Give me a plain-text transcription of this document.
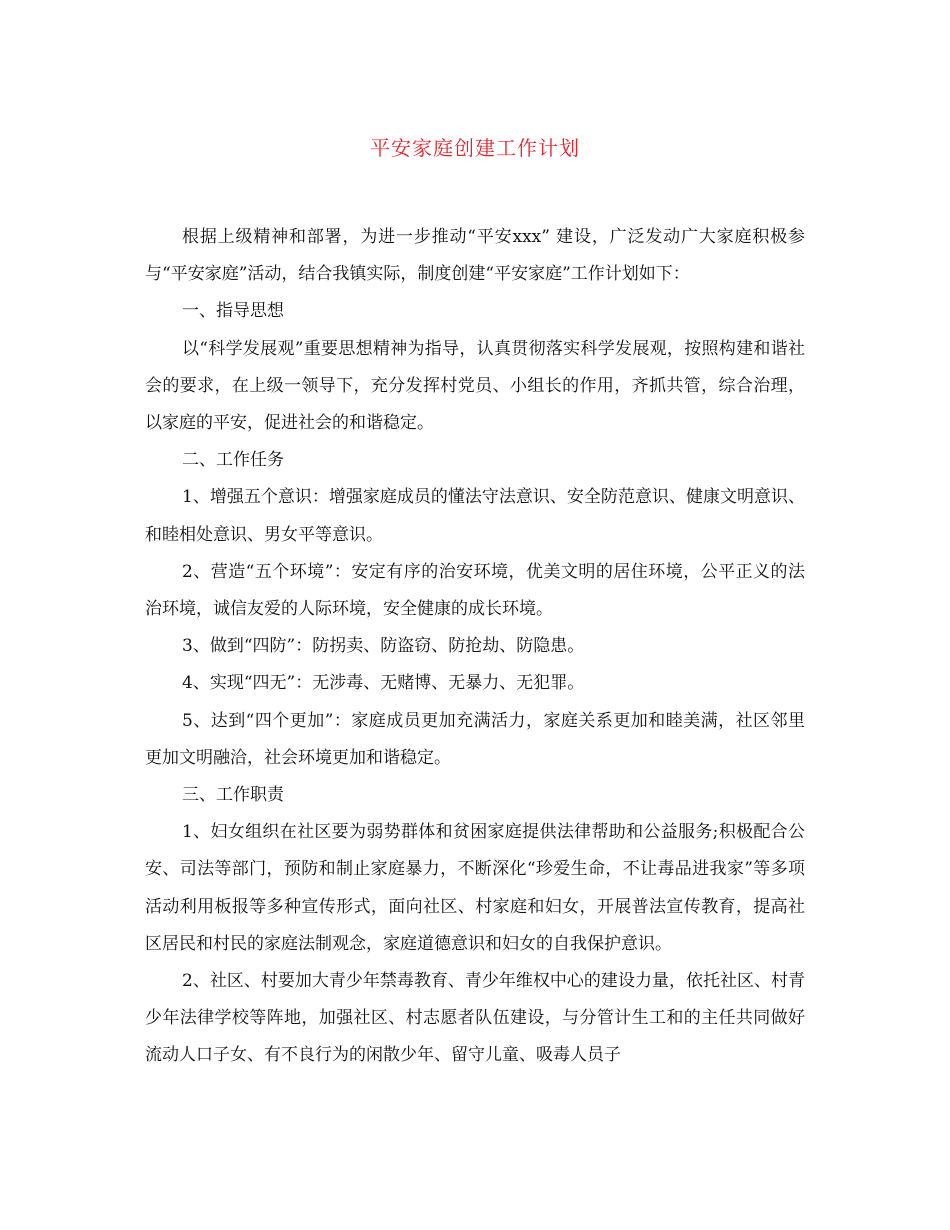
平安家庭创建工作计划

根据上级精神和部署，为进一步推动“平安xxx” 建设，广泛发动广大家庭积极参与“平安家庭”活动，结合我镇实际，制度创建“平安家庭”工作计划如下：

一、指导思想

以“科学发展观”重要思想精神为指导，认真贯彻落实科学发展观，按照构建和谐社会的要求，在上级一领导下，充分发挥村党员、小组长的作用，齐抓共管，综合治理，以家庭的平安，促进社会的和谐稳定。

二、工作任务

1、增强五个意识：增强家庭成员的懂法守法意识、安全防范意识、健康文明意识、和睦相处意识、男女平等意识。

2、营造“五个环境”：安定有序的治安环境，优美文明的居住环境，公平正义的法治环境，诚信友爱的人际环境，安全健康的成长环境。

3、做到“四防”：防拐卖、防盗窃、防抢劫、防隐患。

4、实现“四无”：无涉毒、无赌博、无暴力、无犯罪。

5、达到“四个更加”：家庭成员更加充满活力，家庭关系更加和睦美满，社区邻里更加文明融洽，社会环境更加和谐稳定。

三、工作职责

1、妇女组织在社区要为弱势群体和贫困家庭提供法律帮助和公益服务;积极配合公安、司法等部门，预防和制止家庭暴力，不断深化“珍爱生命，不让毒品进我家”等多项活动利用板报等多种宣传形式，面向社区、村家庭和妇女，开展普法宣传教育，提高社区居民和村民的家庭法制观念，家庭道德意识和妇女的自我保护意识。

2、社区、村要加大青少年禁毒教育、青少年维权中心的建设力量，依托社区、村青少年法律学校等阵地，加强社区、村志愿者队伍建设，与分管计生工和的主任共同做好流动人口子女、有不良行为的闲散少年、留守儿童、吸毒人员子
